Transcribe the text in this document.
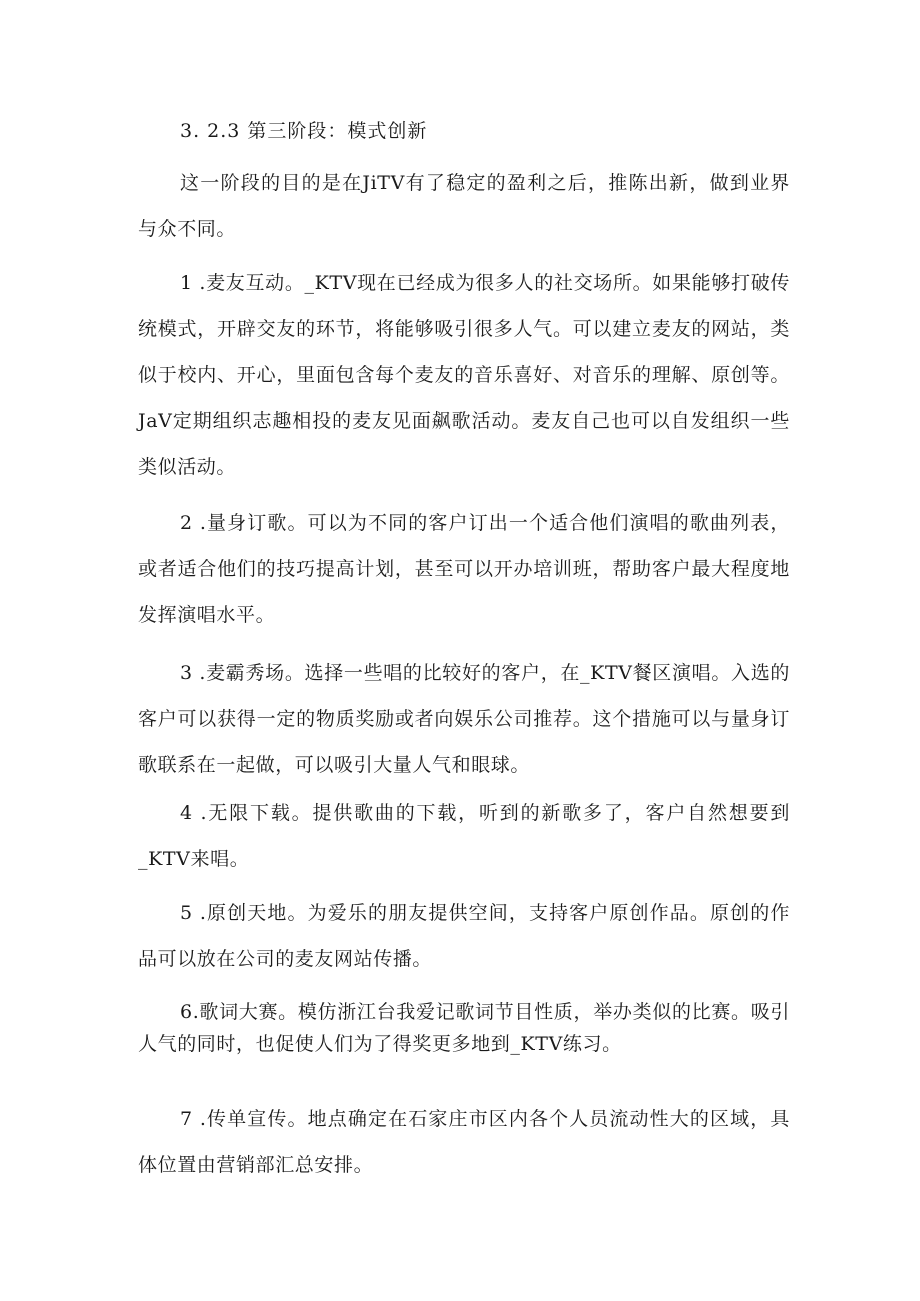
3. 2.3 第三阶段：模式创新

这一阶段的目的是在JiTV有了稳定的盈利之后，推陈出新，做到业界与众不同。

1 .麦友互动。_KTV现在已经成为很多人的社交场所。如果能够打破传统模式，开辟交友的环节，将能够吸引很多人气。可以建立麦友的网站，类似于校内、开心，里面包含每个麦友的音乐喜好、对音乐的理解、原创等。JaV定期组织志趣相投的麦友见面飙歌活动。麦友自己也可以自发组织一些类似活动。

2 .量身订歌。可以为不同的客户订出一个适合他们演唱的歌曲列表，或者适合他们的技巧提高计划，甚至可以开办培训班，帮助客户最大程度地发挥演唱水平。

3 .麦霸秀场。选择一些唱的比较好的客户，在_KTV餐区演唱。入选的客户可以获得一定的物质奖励或者向娱乐公司推荐。这个措施可以与量身订歌联系在一起做，可以吸引大量人气和眼球。

4 .无限下载。提供歌曲的下载，听到的新歌多了，客户自然想要到_KTV来唱。

5 .原创天地。为爱乐的朋友提供空间，支持客户原创作品。原创的作品可以放在公司的麦友网站传播。

6.歌词大赛。模仿浙江台我爱记歌词节目性质，举办类似的比赛。吸引人气的同时，也促使人们为了得奖更多地到_KTV练习。

7 .传单宣传。地点确定在石家庄市区内各个人员流动性大的区域，具体位置由营销部汇总安排。
